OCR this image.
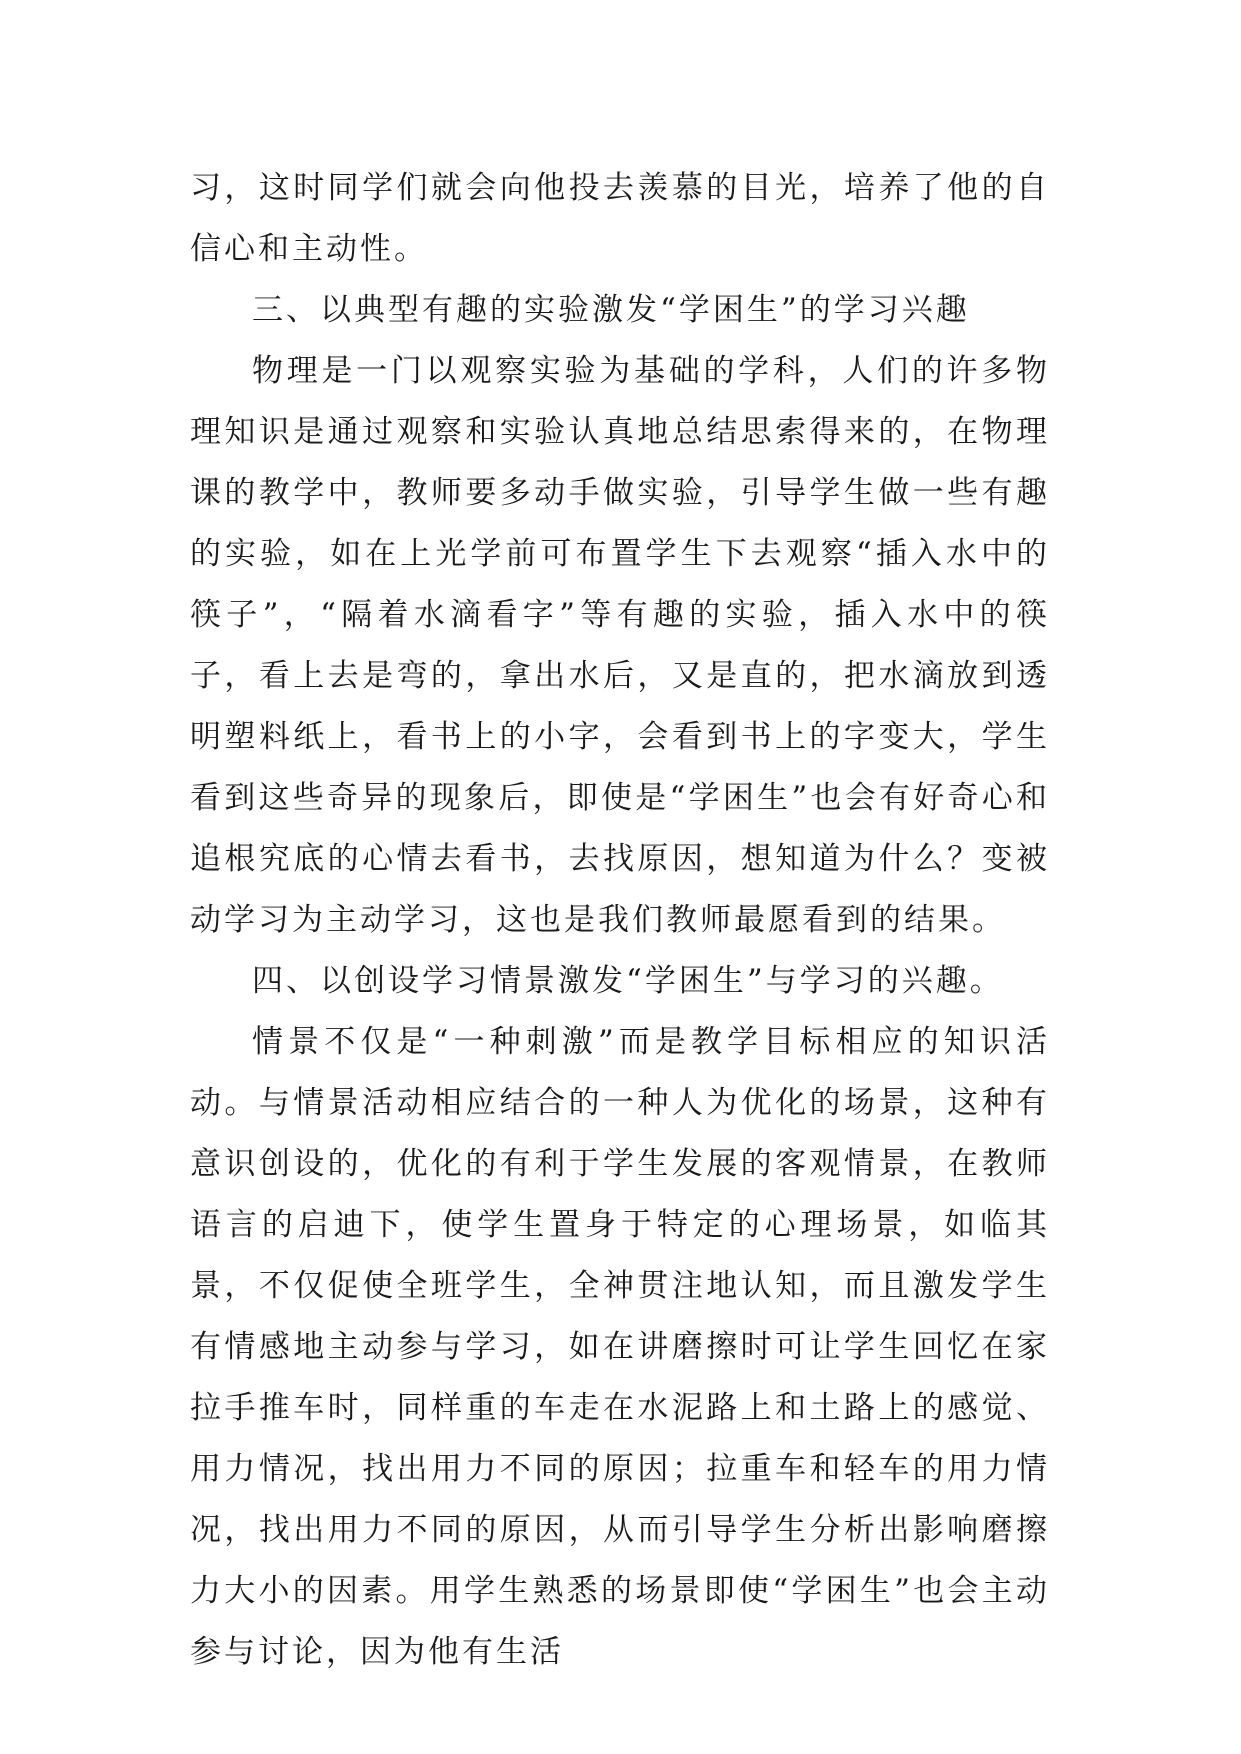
习，这时同学们就会向他投去羡慕的目光，培养了他的自信心和主动性。

三、以典型有趣的实验激发“学困生”的学习兴趣

物理是一门以观察实验为基础的学科，人们的许多物理知识是通过观察和实验认真地总结思索得来的，在物理课的教学中，教师要多动手做实验，引导学生做一些有趣的实验，如在上光学前可布置学生下去观察“插入水中的筷子”，“隔着水滴看字”等有趣的实验，插入水中的筷子，看上去是弯的，拿出水后，又是直的，把水滴放到透明塑料纸上，看书上的小字，会看到书上的字变大，学生看到这些奇异的现象后，即使是“学困生”也会有好奇心和追根究底的心情去看书，去找原因，想知道为什么？变被动学习为主动学习，这也是我们教师最愿看到的结果。

四、以创设学习情景激发“学困生”与学习的兴趣。

情景不仅是“一种刺激”而是教学目标相应的知识活动。与情景活动相应结合的一种人为优化的场景，这种有意识创设的，优化的有利于学生发展的客观情景，在教师语言的启迪下，使学生置身于特定的心理场景，如临其景，不仅促使全班学生，全神贯注地认知，而且激发学生有情感地主动参与学习，如在讲磨擦时可让学生回忆在家拉手推车时，同样重的车走在水泥路上和土路上的感觉、用力情况，找出用力不同的原因；拉重车和轻车的用力情况，找出用力不同的原因，从而引导学生分析出影响磨擦力大小的因素。用学生熟悉的场景即使“学困生”也会主动参与讨论，因为他有生活
